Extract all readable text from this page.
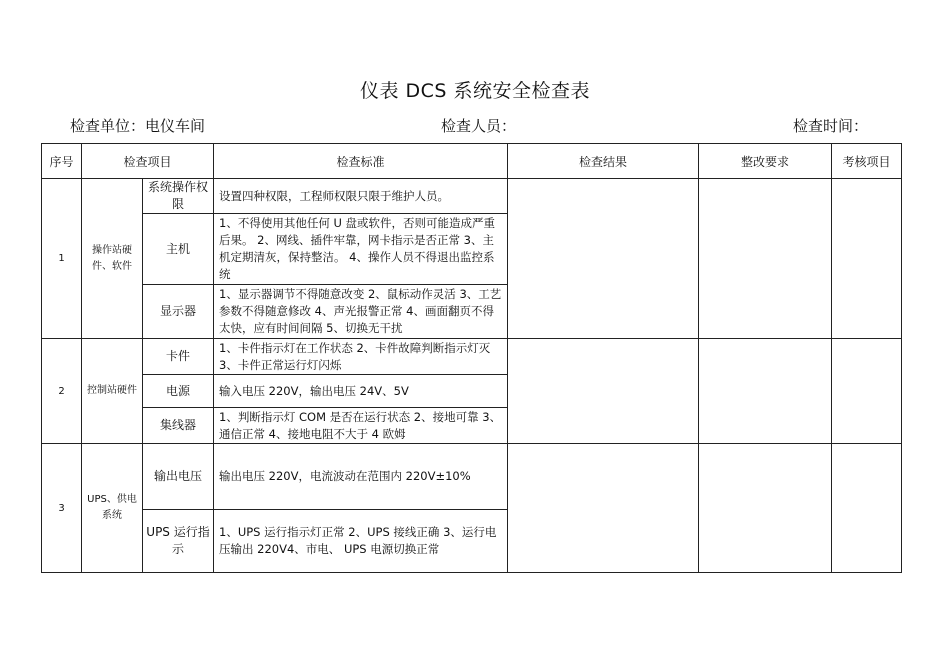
仪表 DCS 系统安全检查表
检查单位：电仪车间	检查人员：	检查时间：
序号	检查项目		检查标准	检查结果	整改要求	考核项目
1	操作站硬件、软件	系统操作权限	设置四种权限，工程师权限只限于维护人员。			
		主机	1、不得使用其他任何 U 盘或软件，否则可能造成严重后果。 2、网线、插件牢靠，网卡指示是否正常 3、主机定期清灰，保持整洁。 4、操作人员不得退出监控系统			
		显示器	1、显示器调节不得随意改变 2、鼠标动作灵活 3、工艺参数不得随意修改 4、声光报警正常 4、画面翻页不得太快，应有时间间隔 5、切换无干扰			
2	控制站硬件	卡件	1、卡件指示灯在工作状态 2、卡件故障判断指示灯灭 3、卡件正常运行灯闪烁			
		电源	输入电压 220V，输出电压 24V、5V			
		集线器	1、判断指示灯 COM 是否在运行状态 2、接地可靠 3、通信正常 4、接地电阻不大于 4 欧姆			
3	UPS、供电系统	输出电压	输出电压 220V，电流波动在范围内 220V±10%			
		UPS 运行指示	1、UPS 运行指示灯正常 2、UPS 接线正确 3、运行电压输出 220V4、市电、 UPS 电源切换正常			
